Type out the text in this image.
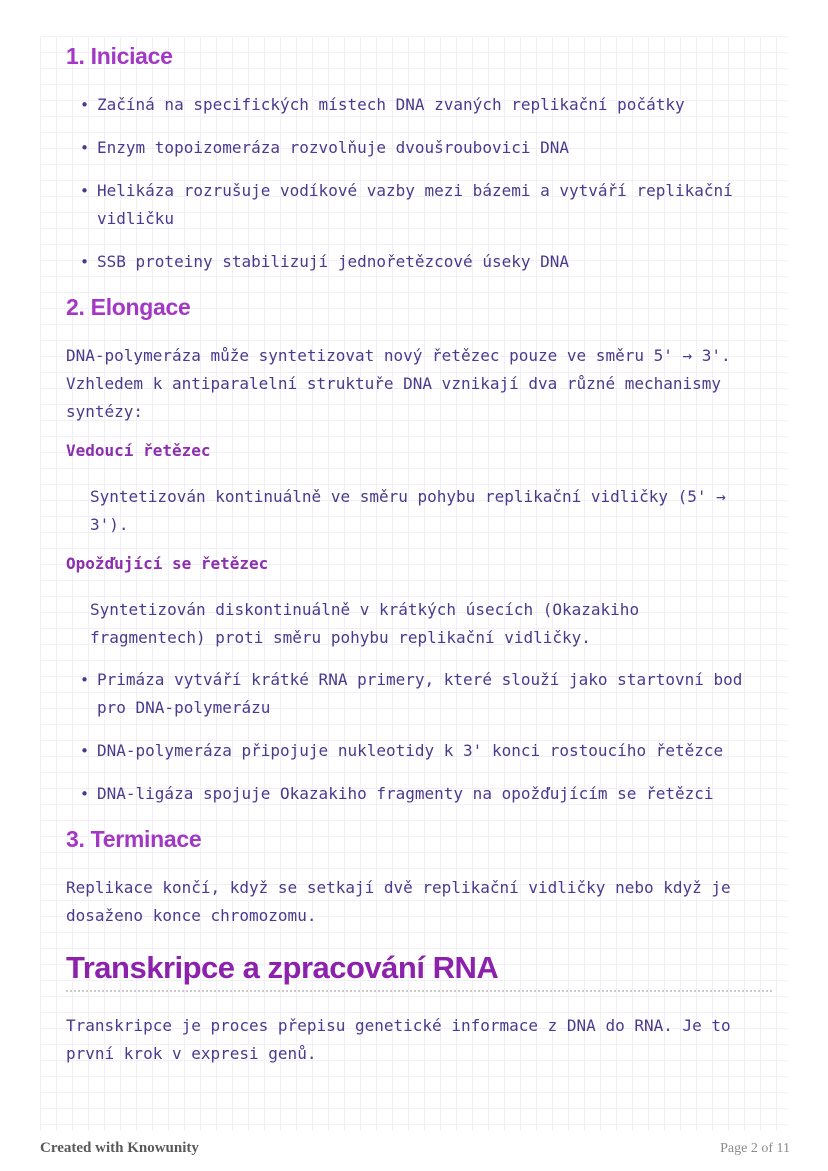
1. Iniciace
• Začíná na specifických místech DNA zvaných replikační počátky
• Enzym topoizomeráza rozvolňuje dvoušroubovici DNA
• Helikáza rozrušuje vodíkové vazby mezi bázemi a vytváří replikační vidličku
• SSB proteiny stabilizují jednořetězcové úseky DNA
2. Elongace
DNA-polymeráza může syntetizovat nový řetězec pouze ve směru 5' → 3'. Vzhledem k antiparalelní struktuře DNA vznikají dva různé mechanismy syntézy:
Vedoucí řetězec
Syntetizován kontinuálně ve směru pohybu replikační vidličky (5' → 3').
Opožďující se řetězec
Syntetizován diskontinuálně v krátkých úsecích (Okazakiho fragmentech) proti směru pohybu replikační vidličky.
• Primáza vytváří krátké RNA primery, které slouží jako startovní bod pro DNA-polymerázu
• DNA-polymeráza připojuje nukleotidy k 3' konci rostoucího řetězce
• DNA-ligáza spojuje Okazakiho fragmenty na opožďujícím se řetězci
3. Terminace
Replikace končí, když se setkají dvě replikační vidličky nebo když je dosaženo konce chromozomu.
Transkripce a zpracování RNA
Transkripce je proces přepisu genetické informace z DNA do RNA. Je to první krok v expresi genů.
Created with Knowunity	Page 2 of 11
